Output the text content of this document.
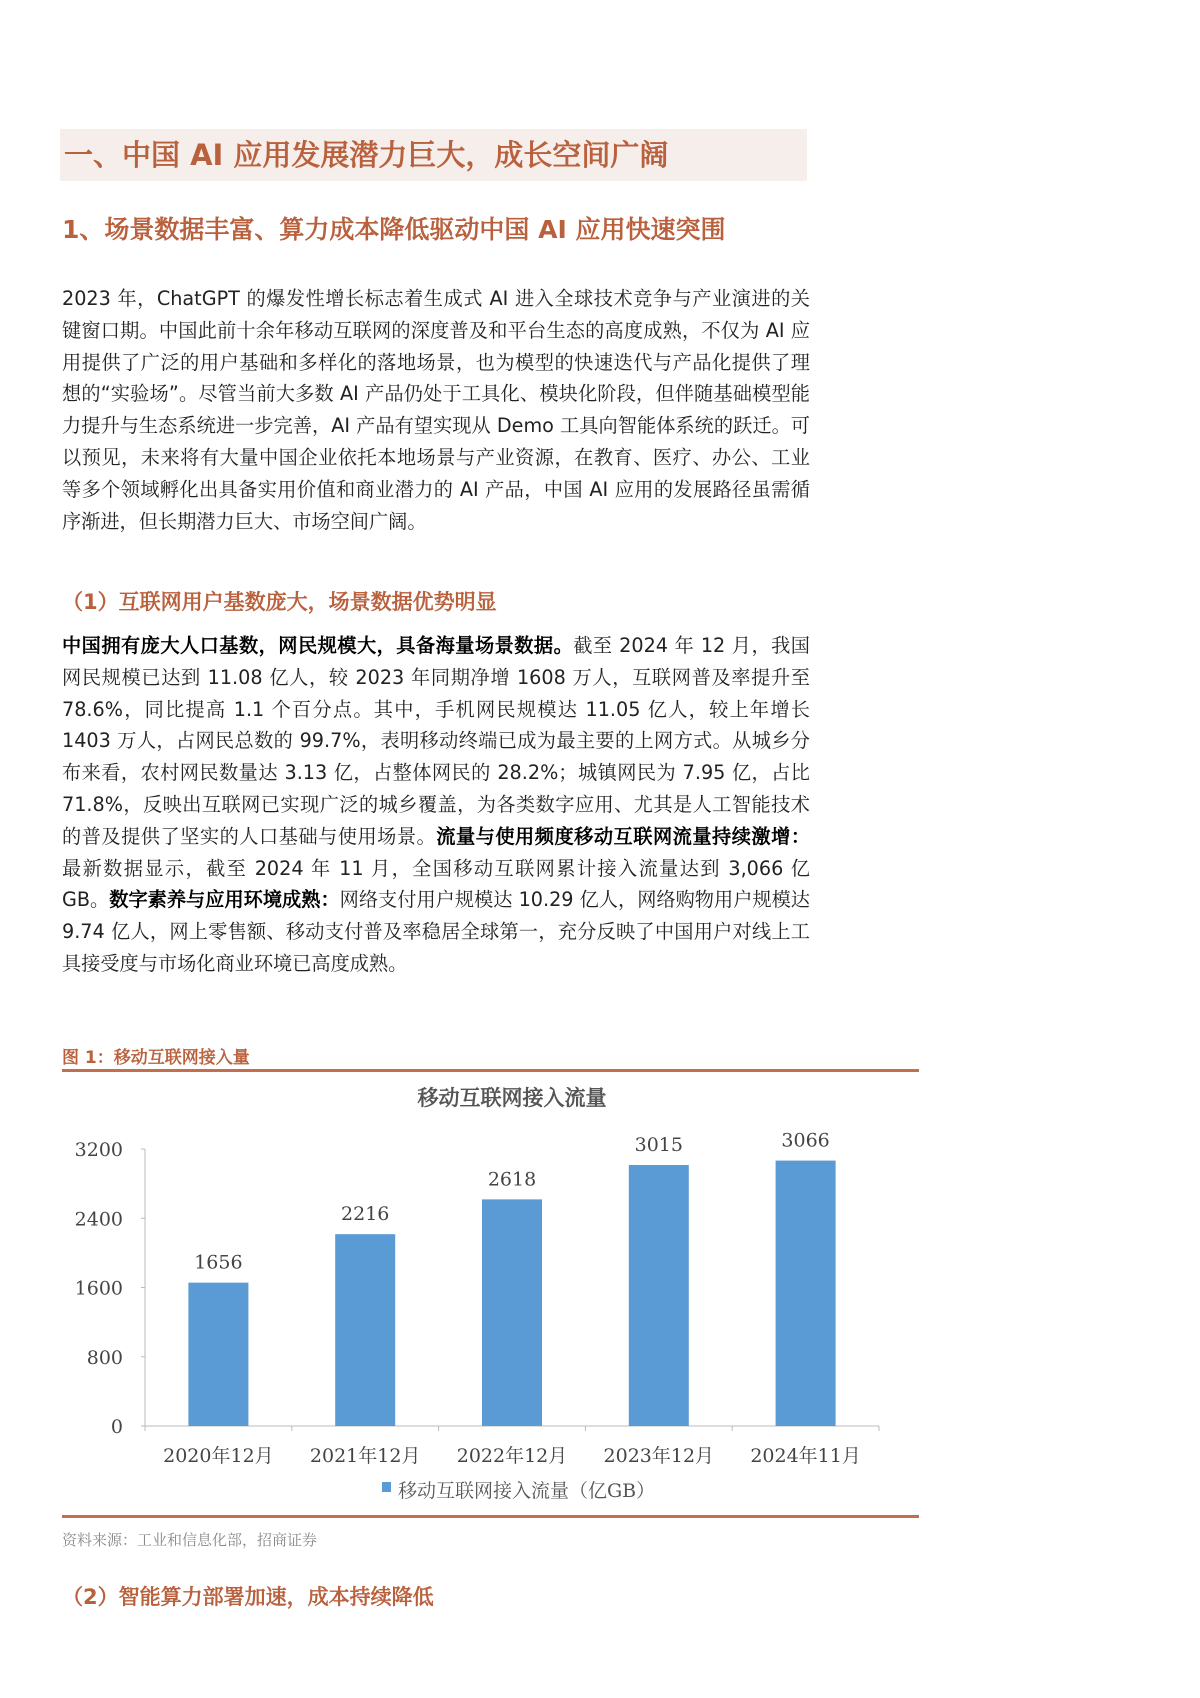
一、中国 AI 应用发展潜力巨大，成长空间广阔
1、场景数据丰富、算力成本降低驱动中国 AI 应用快速突围
2023 年，ChatGPT 的爆发性增长标志着生成式 AI 进入全球技术竞争与产业演进的关键窗口期。中国此前十余年移动互联网的深度普及和平台生态的高度成熟，不仅为 AI 应用提供了广泛的用户基础和多样化的落地场景，也为模型的快速迭代与产品化提供了理想的“实验场”。尽管当前大多数 AI 产品仍处于工具化、模块化阶段，但伴随基础模型能力提升与生态系统进一步完善，AI 产品有望实现从 Demo 工具向智能体系统的跃迁。可以预见，未来将有大量中国企业依托本地场景与产业资源，在教育、医疗、办公、工业等多个领域孵化出具备实用价值和商业潜力的 AI 产品，中国 AI 应用的发展路径虽需循序渐进，但长期潜力巨大、市场空间广阔。
（1）互联网用户基数庞大，场景数据优势明显
中国拥有庞大人口基数，网民规模大，具备海量场景数据。截至 2024 年 12 月，我国网民规模已达到 11.08 亿人，较 2023 年同期净增 1608 万人，互联网普及率提升至 78.6%，同比提高 1.1 个百分点。其中，手机网民规模达 11.05 亿人，较上年增长 1403 万人，占网民总数的 99.7%，表明移动终端已成为最主要的上网方式。从城乡分布来看，农村网民数量达 3.13 亿，占整体网民的 28.2%；城镇网民为 7.95 亿，占比 71.8%，反映出互联网已实现广泛的城乡覆盖，为各类数字应用、尤其是人工智能技术的普及提供了坚实的人口基础与使用场景。流量与使用频度移动互联网流量持续激增：最新数据显示，截至 2024 年 11 月，全国移动互联网累计接入流量达到 3,066 亿 GB。数字素养与应用环境成熟：网络支付用户规模达 10.29 亿人，网络购物用户规模达 9.74 亿人，网上零售额、移动支付普及率稳居全球第一，充分反映了中国用户对线上工具接受度与市场化商业环境已高度成熟。
图 1：移动互联网接入量
移动互联网接入流量
0
800
1600
2400
3200
1656
2020年12月
2216
2021年12月
2618
2022年12月
3015
2023年12月
3066
2024年11月
移动互联网接入流量（亿GB）
资料来源：工业和信息化部，招商证券
（2）智能算力部署加速，成本持续降低
